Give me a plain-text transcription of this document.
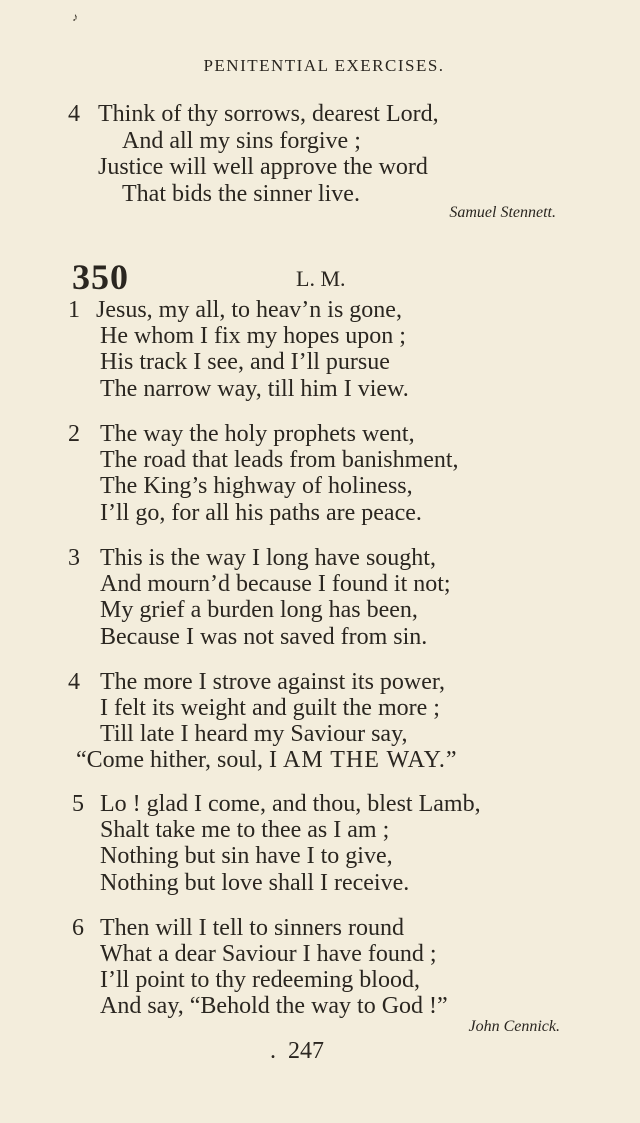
♪
PENITENTIAL EXERCISES.
4 Think of thy sorrows, dearest Lord,
And all my sins forgive ;
Justice will well approve the word
That bids the sinner live.
Samuel Stennett.
350	L. M.
1 Jesus, my all, to heav’n is gone,
He whom I fix my hopes upon ;
His track I see, and I’ll pursue
The narrow way, till him I view.
2 The way the holy prophets went,
The road that leads from banishment,
The King’s highway of holiness,
I’ll go, for all his paths are peace.
3 This is the way I long have sought,
And mourn’d because I found it not;
My grief a burden long has been,
Because I was not saved from sin.
4 The more I strove against its power,
I felt its weight and guilt the more ;
Till late I heard my Saviour say,
“Come hither, soul, I AM THE WAY.”
5 Lo ! glad I come, and thou, blest Lamb,
Shalt take me to thee as I am ;
Nothing but sin have I to give,
Nothing but love shall I receive.
6 Then will I tell to sinners round
What a dear Saviour I have found ;
I’ll point to thy redeeming blood,
And say, “Behold the way to God !”
John Cennick.
. 247
